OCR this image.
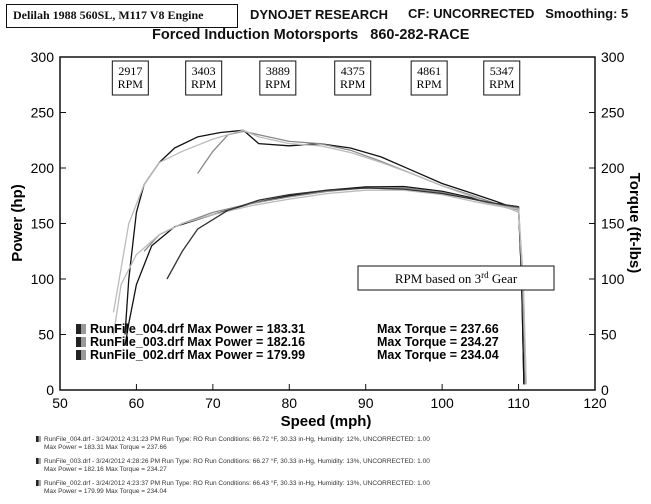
Delilah 1988 560SL, M117 V8 Engine	DYNOJET RESEARCH CF: UNCORRECTED   Smoothing: 5
Forced Induction Motorsports   860-282-RACE
0
50
100
150
200
250
300
0
50
100
150
200
250
300
50	60	70	80	90	100	110	120
2917
RPM
3403
RPM
3889
RPM
4375
RPM
4861
RPM
5347
RPM
Power (hp)	Torque (ft-lbs)
Speed (mph)
RPM based on 3rd Gear
RunFile_004.drf Max Power = 183.31	Max Torque = 237.66
RunFile_003.drf Max Power = 182.16	Max Torque = 234.27
RunFile_002.drf Max Power = 179.99	Max Torque = 234.04
RunFile_004.drf - 3/24/2012 4:31:23 PM Run Type: RO Run Conditions: 66.72 °F, 30.33 in-Hg, Humidity: 12%, UNCORRECTED: 1.00
Max Power = 183.31 Max Torque = 237.66
RunFile_003.drf - 3/24/2012 4:28:26 PM Run Type: RO Run Conditions: 66.27 °F, 30.33 in-Hg, Humidity: 13%, UNCORRECTED: 1.00
Max Power = 182.16 Max Torque = 234.27
RunFile_002.drf - 3/24/2012 4:23:37 PM Run Type: RO Run Conditions: 66.43 °F, 30.33 in-Hg, Humidity: 13%, UNCORRECTED: 1.00
Max Power = 179.99 Max Torque = 234.04
